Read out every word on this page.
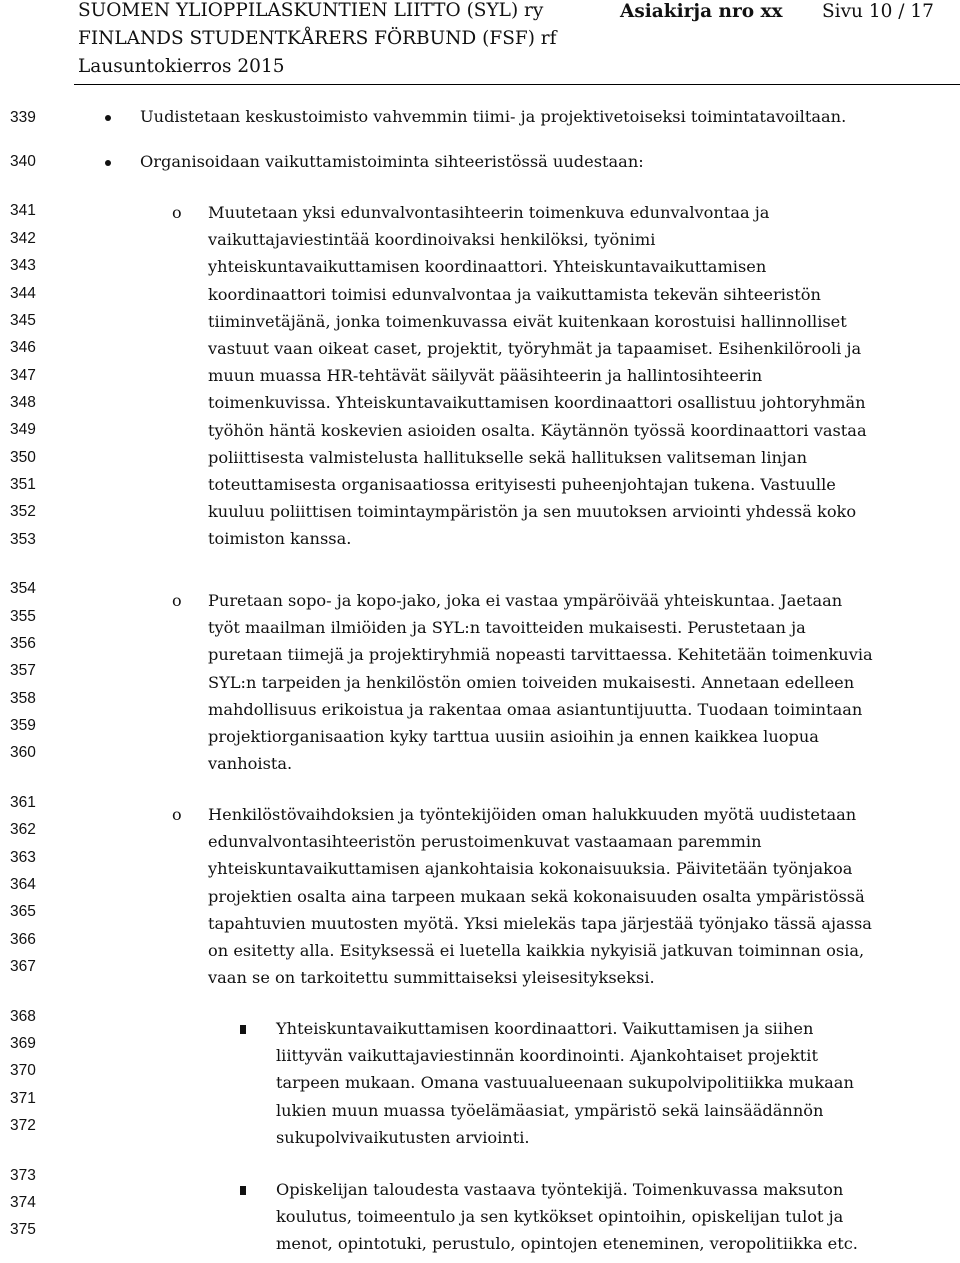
SUOMEN YLIOPPILASKUNTIEN LIITTO (SYL) ry
FINLANDS STUDENTKÅRERS FÖRBUND (FSF) rf
Lausuntokierros 2015
Asiakirja nro xx Sivu 10 / 17
339
340
341
342
343
344
345
346
347
348
349
350
351
352
353
354
355
356
357
358
359
360
361
362
363
364
365
366
367
368
369
370
371
372
373
374
375
Uudistetaan keskustoimisto vahvemmin tiimi- ja projektivetoiseksi toimintatavoiltaan.
Organisoidaan vaikuttamistoiminta sihteeristössä uudestaan:
o Muutetaan yksi edunvalvontasihteerin toimenkuva edunvalvontaa ja
vaikuttajaviestintää koordinoivaksi henkilöksi, työnimi
yhteiskuntavaikuttamisen koordinaattori. Yhteiskuntavaikuttamisen
koordinaattori toimisi edunvalvontaa ja vaikuttamista tekevän sihteeristön
tiiminvetäjänä, jonka toimenkuvassa eivät kuitenkaan korostuisi hallinnolliset
vastuut vaan oikeat caset, projektit, työryhmät ja tapaamiset. Esihenkilörooli ja
muun muassa HR-tehtävät säilyvät pääsihteerin ja hallintosihteerin
toimenkuvissa. Yhteiskuntavaikuttamisen koordinaattori osallistuu johtoryhmän
työhön häntä koskevien asioiden osalta. Käytännön työssä koordinaattori vastaa
poliittisesta valmistelusta hallitukselle sekä hallituksen valitseman linjan
toteuttamisesta organisaatiossa erityisesti puheenjohtajan tukena. Vastuulle
kuuluu poliittisen toimintaympäristön ja sen muutoksen arviointi yhdessä koko
toimiston kanssa.
o Puretaan sopo- ja kopo-jako, joka ei vastaa ympäröivää yhteiskuntaa. Jaetaan
työt maailman ilmiöiden ja SYL:n tavoitteiden mukaisesti. Perustetaan ja
puretaan tiimejä ja projektiryhmiä nopeasti tarvittaessa. Kehitetään toimenkuvia
SYL:n tarpeiden ja henkilöstön omien toiveiden mukaisesti. Annetaan edelleen
mahdollisuus erikoistua ja rakentaa omaa asiantuntijuutta. Tuodaan toimintaan
projektiorganisaation kyky tarttua uusiin asioihin ja ennen kaikkea luopua
vanhoista.
o Henkilöstövaihdoksien ja työntekijöiden oman halukkuuden myötä uudistetaan
edunvalvontasihteeristön perustoimenkuvat vastaamaan paremmin
yhteiskuntavaikuttamisen ajankohtaisia kokonaisuuksia. Päivitetään työnjakoa
projektien osalta aina tarpeen mukaan sekä kokonaisuuden osalta ympäristössä
tapahtuvien muutosten myötä. Yksi mielekäs tapa järjestää työnjako tässä ajassa
on esitetty alla. Esityksessä ei luetella kaikkia nykyisiä jatkuvan toiminnan osia,
vaan se on tarkoitettu summittaiseksi yleisesitykseksi.
Yhteiskuntavaikuttamisen koordinaattori. Vaikuttamisen ja siihen
liittyvän vaikuttajaviestinnän koordinointi. Ajankohtaiset projektit
tarpeen mukaan. Omana vastuualueenaan sukupolvipolitiikka mukaan
lukien muun muassa työelämäasiat, ympäristö sekä lainsäädännön
sukupolvivaikutusten arviointi.
Opiskelijan taloudesta vastaava työntekijä. Toimenkuvassa maksuton
koulutus, toimeentulo ja sen kytkökset opintoihin, opiskelijan tulot ja
menot, opintotuki, perustulo, opintojen eteneminen, veropolitiikka etc.
